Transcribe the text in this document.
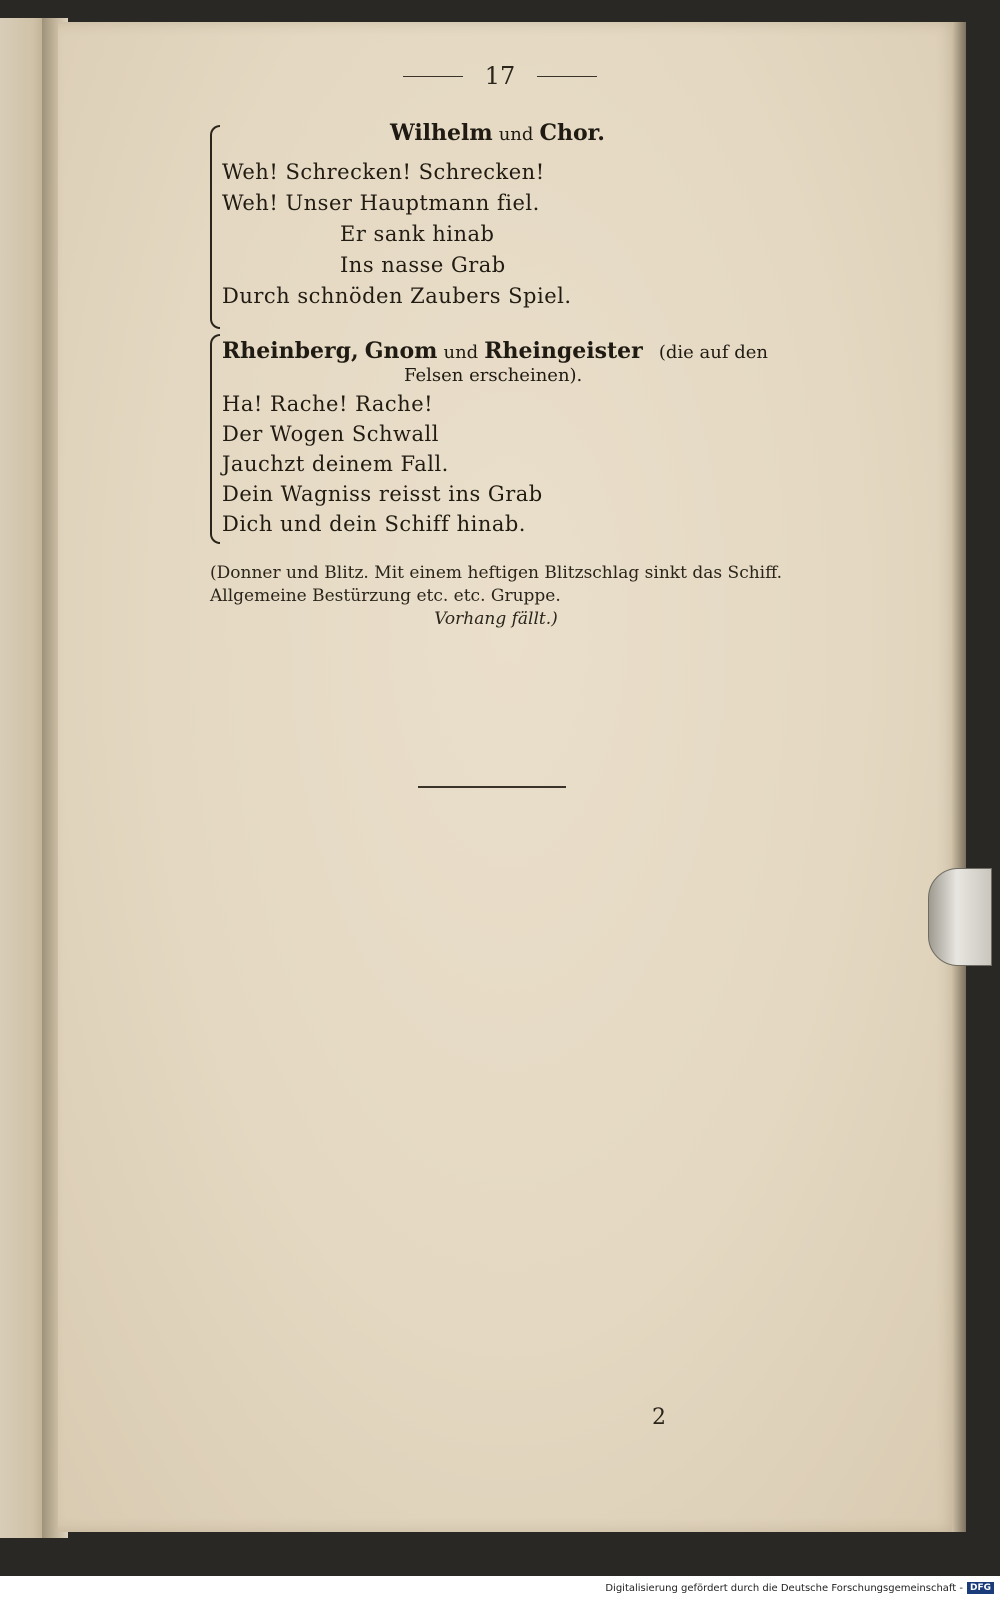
17
Wilhelm und Chor.
Weh! Schrecken! Schrecken!
Weh! Unser Hauptmann fiel.
Er sank hinab
Ins nasse Grab
Durch schnöden Zaubers Spiel.
Rheinberg, Gnom und Rheingeister (die auf den
Felsen erscheinen).
Ha! Rache! Rache!
Der Wogen Schwall
Jauchzt deinem Fall.
Dein Wagniss reisst ins Grab
Dich und dein Schiff hinab.
(Donner und Blitz. Mit einem heftigen Blitzschlag sinkt das Schiff. Allgemeine Bestürzung etc. etc. Gruppe.
Vorhang fällt.)
2
Digitalisierung gefördert durch die Deutsche Forschungsgemeinschaft - DFG
